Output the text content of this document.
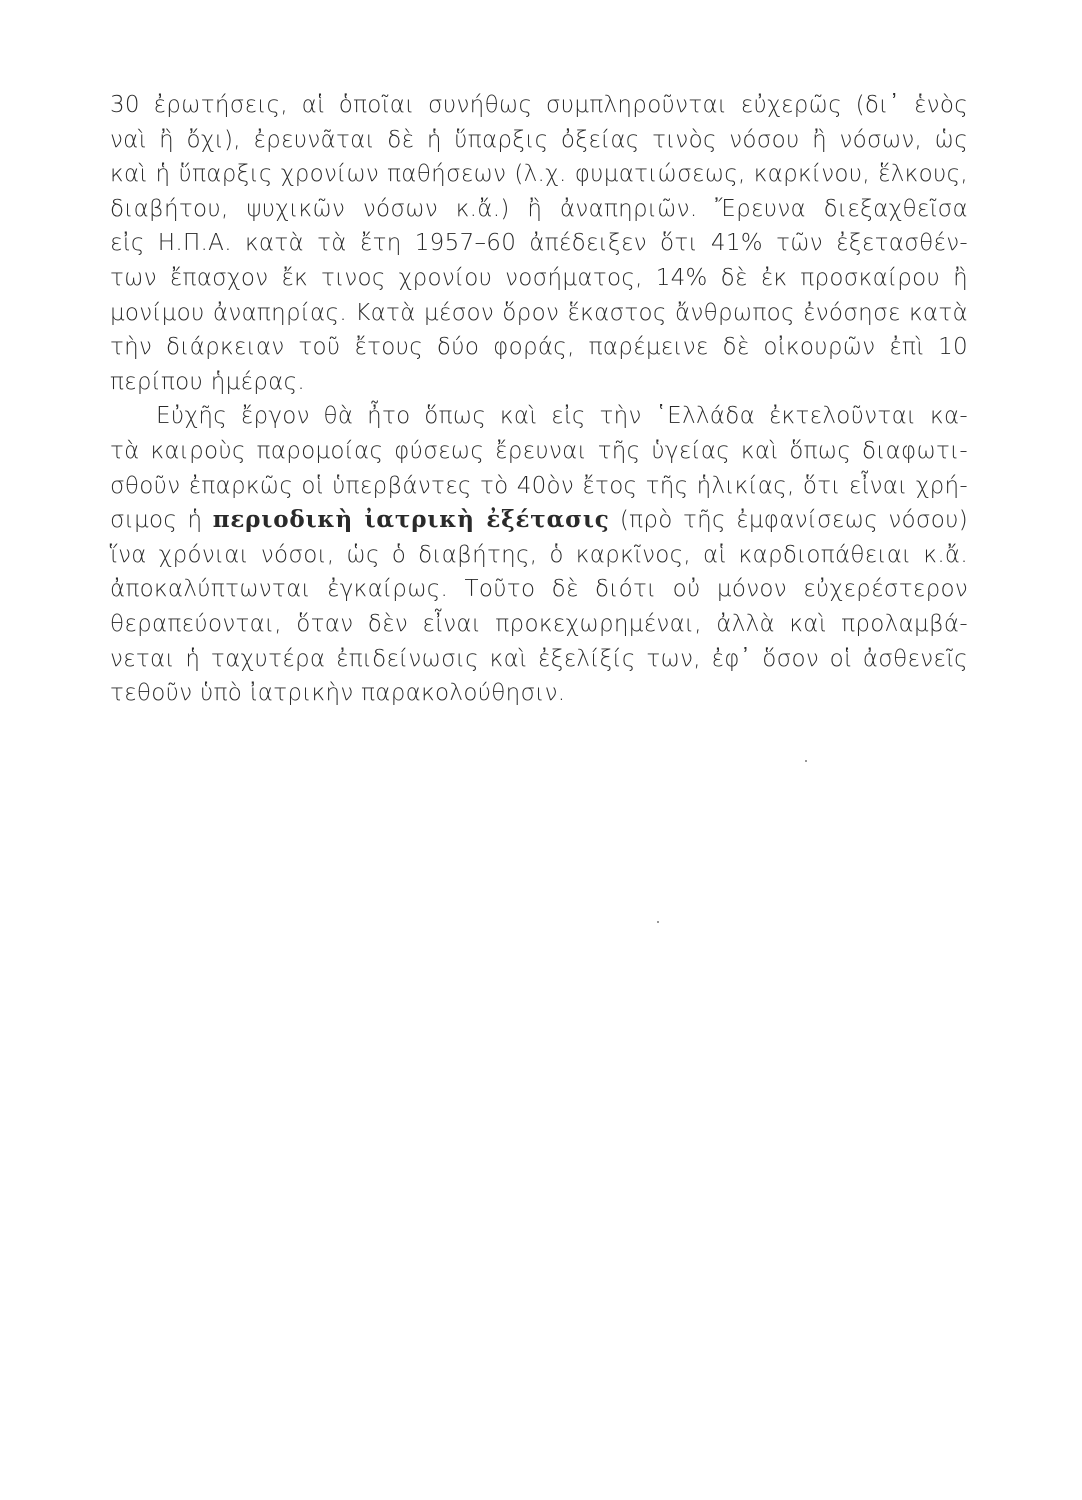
30 ἐρωτήσεις, αἱ ὁποῖαι συνήθως συμπληροῦνται εὐχερῶς (δι᾽ ἑνὸς
ναὶ ἢ ὄχι), ἐρευνᾶται δὲ ἡ ὕπαρξις ὀξείας τινὸς νόσου ἢ νόσων, ὡς
καὶ ἡ ὕπαρξις χρονίων παθήσεων (λ.χ. φυματιώσεως, καρκίνου, ἕλκους,
διαβήτου, ψυχικῶν νόσων κ.ἄ.) ἢ ἀναπηριῶν. Ἔρευνα διεξαχθεῖσα
εἰς Η.Π.Α. κατὰ τὰ ἔτη 1957–60 ἀπέδειξεν ὅτι 41% τῶν ἐξετασθέν-
των ἔπασχον ἔκ τινος χρονίου νοσήματος, 14% δὲ ἐκ προσκαίρου ἢ
μονίμου ἀναπηρίας. Κατὰ μέσον ὅρον ἕκαστος ἄνθρωπος ἐνόσησε κατὰ
τὴν διάρκειαν τοῦ ἔτους δύο φοράς, παρέμεινε δὲ οἰκουρῶν ἐπὶ 10
περίπου ἡμέρας.

Εὐχῆς ἔργον θὰ ἦτο ὅπως καὶ εἰς τὴν ῾Ελλάδα ἐκτελοῦνται κα-
τὰ καιροὺς παρομοίας φύσεως ἔρευναι τῆς ὑγείας καὶ ὅπως διαφωτι-
σθοῦν ἐπαρκῶς οἱ ὑπερβάντες τὸ 40ὸν ἔτος τῆς ἡλικίας, ὅτι εἶναι χρή-
σιμος ἡ περιοδικὴ ἰατρικὴ ἐξέτασις (πρὸ τῆς ἐμφανίσεως νόσου)
ἵνα χρόνιαι νόσοι, ὡς ὁ διαβήτης, ὁ καρκῖνος, αἱ καρδιοπάθειαι κ.ἄ.
ἀποκαλύπτωνται ἐγκαίρως. Τοῦτο δὲ διότι οὐ μόνον εὐχερέστερον
θεραπεύονται, ὅταν δὲν εἶναι προκεχωρημέναι, ἀλλὰ καὶ προλαμβά-
νεται ἡ ταχυτέρα ἐπιδείνωσις καὶ ἐξελίξίς των, ἐφ᾽ ὅσον οἱ ἀσθενεῖς
τεθοῦν ὑπὸ ἰατρικὴν παρακολούθησιν.
